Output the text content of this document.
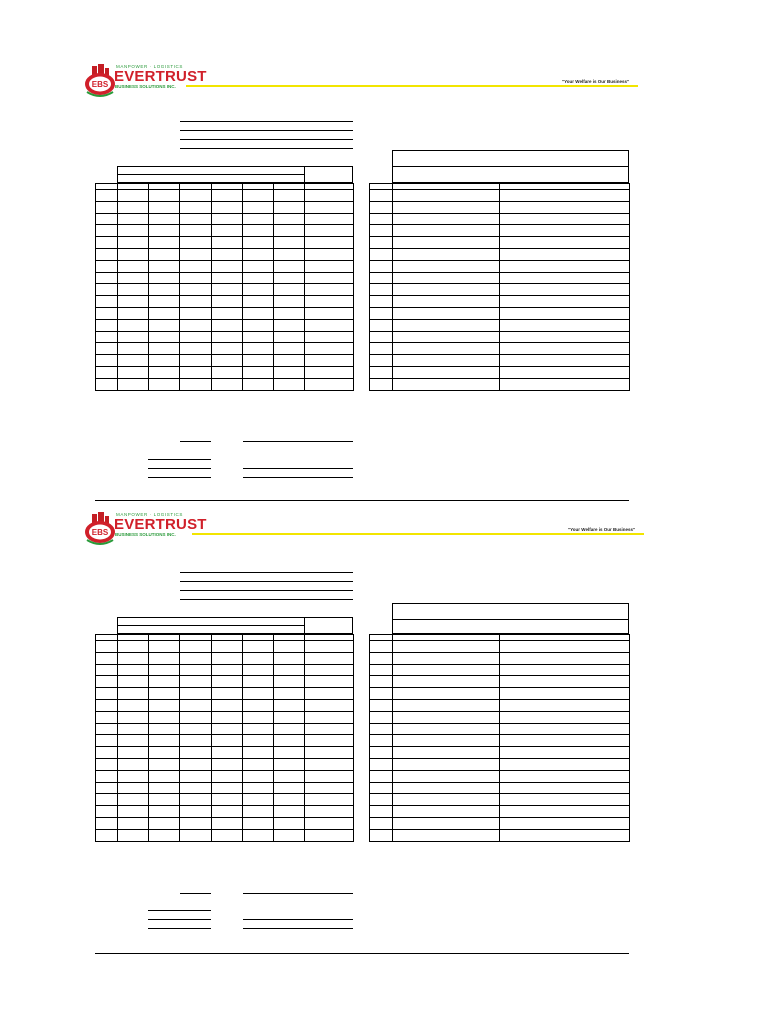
EBS
MANPOWER · LOGISTICS
EVERTRUST
BUSINESS SOLUTIONS INC.
"Your Welfare is Our Business"

EBS
MANPOWER · LOGISTICS
EVERTRUST
BUSINESS SOLUTIONS INC.
"Your Welfare is Our Business"
